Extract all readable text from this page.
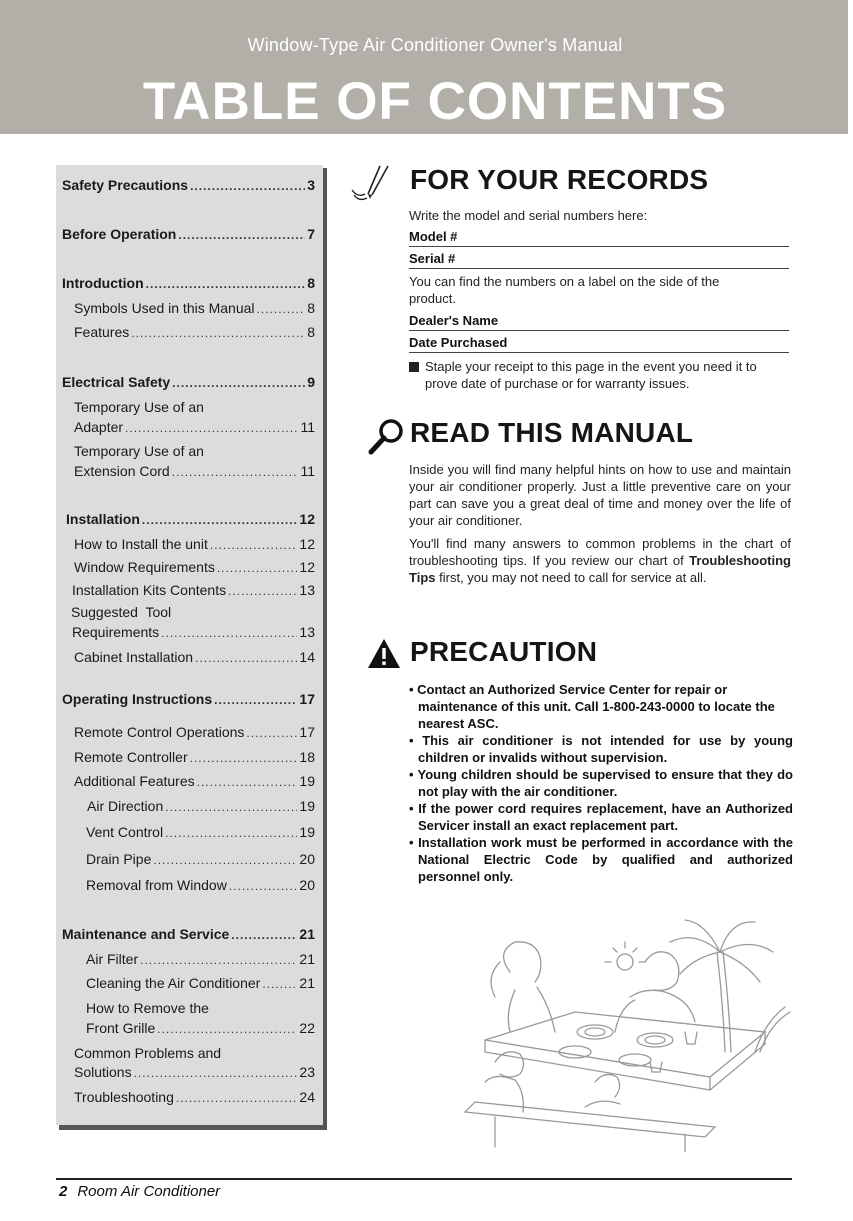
Window-Type Air Conditioner Owner's Manual
TABLE OF CONTENTS
Safety Precautions .....	3
Before Operation .....	7
Introduction .....	8
Symbols Used in this Manual .....	8
Features .....	8
Electrical Safety .....	9
Temporary Use of an
Adapter .....	11
Temporary Use of an
Extension Cord .....	11
Installation .....	12
How to Install the unit .....	12
Window Requirements .....	12
Installation Kits Contents .....	13
Suggested  Tool
Requirements .....	13
Cabinet Installation .....	14
Operating Instructions .....	17
Remote Control Operations .....	17
Remote Controller .....	18
Additional Features .....	19
Air Direction .....	19
Vent Control .....	19
Drain Pipe .....	20
Removal from Window .....	20
Maintenance and Service .....	21
Air Filter .....	21
Cleaning the Air Conditioner .....	21
How to Remove the
Front Grille .....	22
Common Problems and
Solutions .....	23
Troubleshooting .....	24
FOR YOUR RECORDS
Write the model and serial numbers here:
Model #
Serial #
You can find the numbers on a label on the side of the product.
Dealer's Name
Date Purchased
Staple your receipt to this page in the event you need it to prove date of purchase or for warranty issues.
READ THIS MANUAL
Inside you will find many helpful hints on how to use and maintain your air conditioner properly. Just a little preventive care on your part can save you a great deal of time and money over the life of your air conditioner.
You'll find many answers to common problems in the chart of troubleshooting tips. If you review our chart of Troubleshooting Tips first, you may not need to call for service at all.
PRECAUTION
• Contact an Authorized Service Center for repair or maintenance of this unit. Call 1-800-243-0000 to locate the nearest ASC.
• This air conditioner is not intended for use by young children or invalids without supervision.
• Young children should be supervised to ensure that they do not play with the air conditioner.
• If the power cord requires replacement, have an Authorized Servicer install an exact replacement part.
• Installation work must be performed in accordance with the National Electric Code by qualified and authorized personnel only.
2 Room Air Conditioner
